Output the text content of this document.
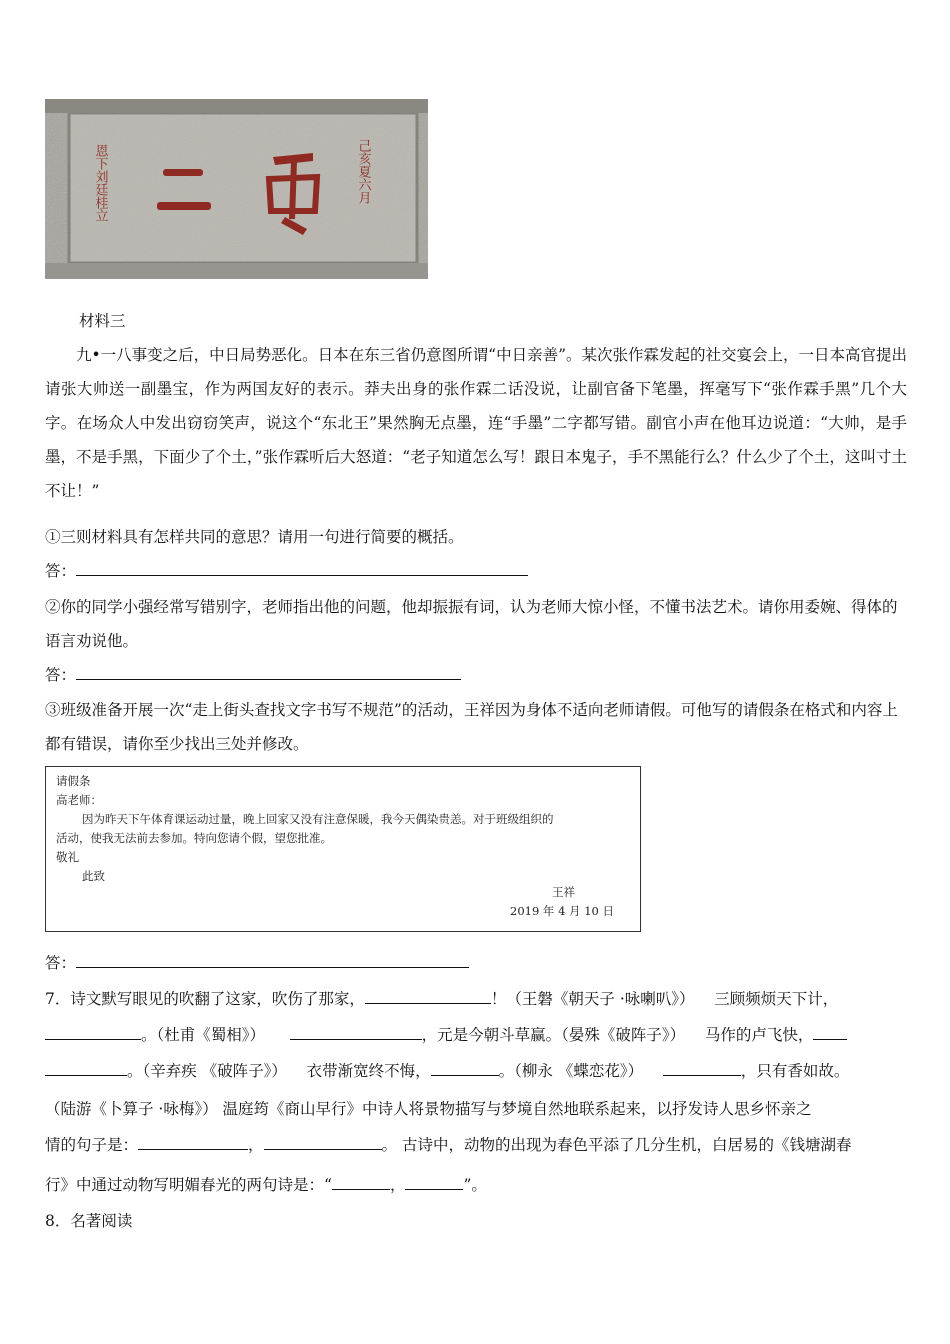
恩下刘廷桂立	己亥夏六月

材料三

九•一八事变之后，中日局势恶化。日本在东三省仍意图所谓“中日亲善”。某次张作霖发起的社交宴会上，一日本高官提出请张大帅送一副墨宝，作为两国友好的表示。莽夫出身的张作霖二话没说，让副官备下笔墨，挥毫写下“张作霖手黑”几个大字。在场众人中发出窃窃笑声，说这个“东北王”果然胸无点墨，连“手墨”二字都写错。副官小声在他耳边说道：“大帅，是手墨，不是手黑，下面少了个土，”张作霖听后大怒道：“老子知道怎么写！跟日本鬼子，手不黑能行么？什么少了个土，这叫寸土不让！”

①三则材料具有怎样共同的意思？请用一句进行简要的概括。

答：

②你的同学小强经常写错别字，老师指出他的问题，他却振振有词，认为老师大惊小怪，不懂书法艺术。请你用委婉、得体的语言劝说他。

答：

③班级准备开展一次“走上街头查找文字书写不规范”的活动，王祥因为身体不适向老师请假。可他写的请假条在格式和内容上都有错误，请你至少找出三处并修改。

请假条
高老师：
因为昨天下午体育课运动过量，晚上回家又没有注意保暖，我今天偶染贵恙。对于班级组织的
活动，使我无法前去参加。特向您请个假，望您批准。
敬礼
此致
王祥
2019 年 4 月 10 日

答：

7．诗文默写眼见的吹翻了这家，吹伤了那家，	！（王磐《朝天子 ·咏喇叭》） 三顾频烦天下计，

。（杜甫《蜀相》）	，元是今朝斗草赢。（晏殊《破阵子》） 马作的卢飞快，

。（辛弃疾 《破阵子》） 衣带渐宽终不悔，	。（柳永 《蝶恋花》）	，只有香如故。

（陆游《卜算子 ·咏梅》） 温庭筠《商山早行》中诗人将景物描写与梦境自然地联系起来，以抒发诗人思乡怀亲之

情的句子是：	，	。 古诗中，动物的出现为春色平添了几分生机，白居易的《钱塘湖春

行》中通过动物写明媚春光的两句诗是：“	，	”。

8．名著阅读
